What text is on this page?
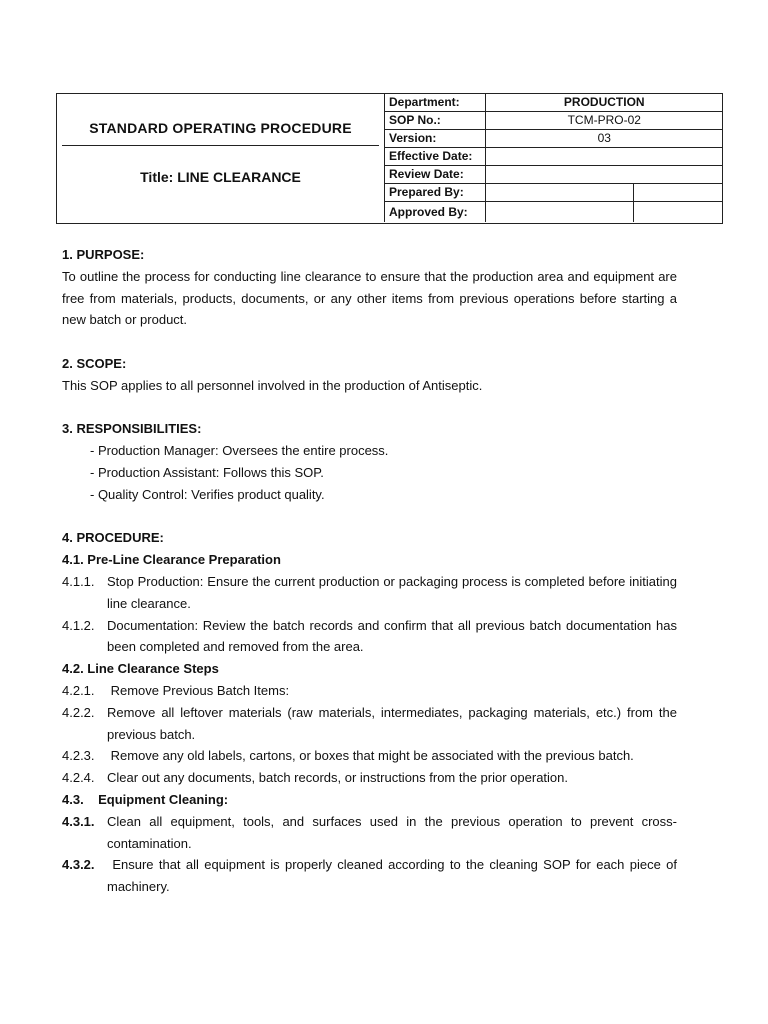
STANDARD OPERATING PROCEDURE
Title: LINE CLEARANCE
Department:	PRODUCTION	
SOP No.:	TCM-PRO-02	
Version:	03	
Effective Date:		
Review Date:		
Prepared By:		
Approved By:		

1. PURPOSE:

To outline the process for conducting line clearance to ensure that the production area and equipment are free from materials, products, documents, or any other items from previous operations before starting a new batch or product.

2. SCOPE:

This SOP applies to all personnel involved in the production of Antiseptic.

3. RESPONSIBILITIES:

- Production Manager: Oversees the entire process.

- Production Assistant: Follows this SOP.

- Quality Control: Verifies product quality.

4. PROCEDURE:

4.1. Pre-Line Clearance Preparation

4.1.1. Stop Production: Ensure the current production or packaging process is completed before initiating line clearance.
4.1.2. Documentation: Review the batch records and confirm that all previous batch documentation has been completed and removed from the area.

4.2. Line Clearance Steps

4.2.1. Remove Previous Batch Items:
4.2.2. Remove all leftover materials (raw materials, intermediates, packaging materials, etc.) from the previous batch.
4.2.3. Remove any old labels, cartons, or boxes that might be associated with the previous batch.
4.2.4. Clear out any documents, batch records, or instructions from the prior operation.

4.3.    Equipment Cleaning:

4.3.1. Clean all equipment, tools, and surfaces used in the previous operation to prevent cross-contamination.
4.3.2. Ensure that all equipment is properly cleaned according to the cleaning SOP for each piece of machinery.
